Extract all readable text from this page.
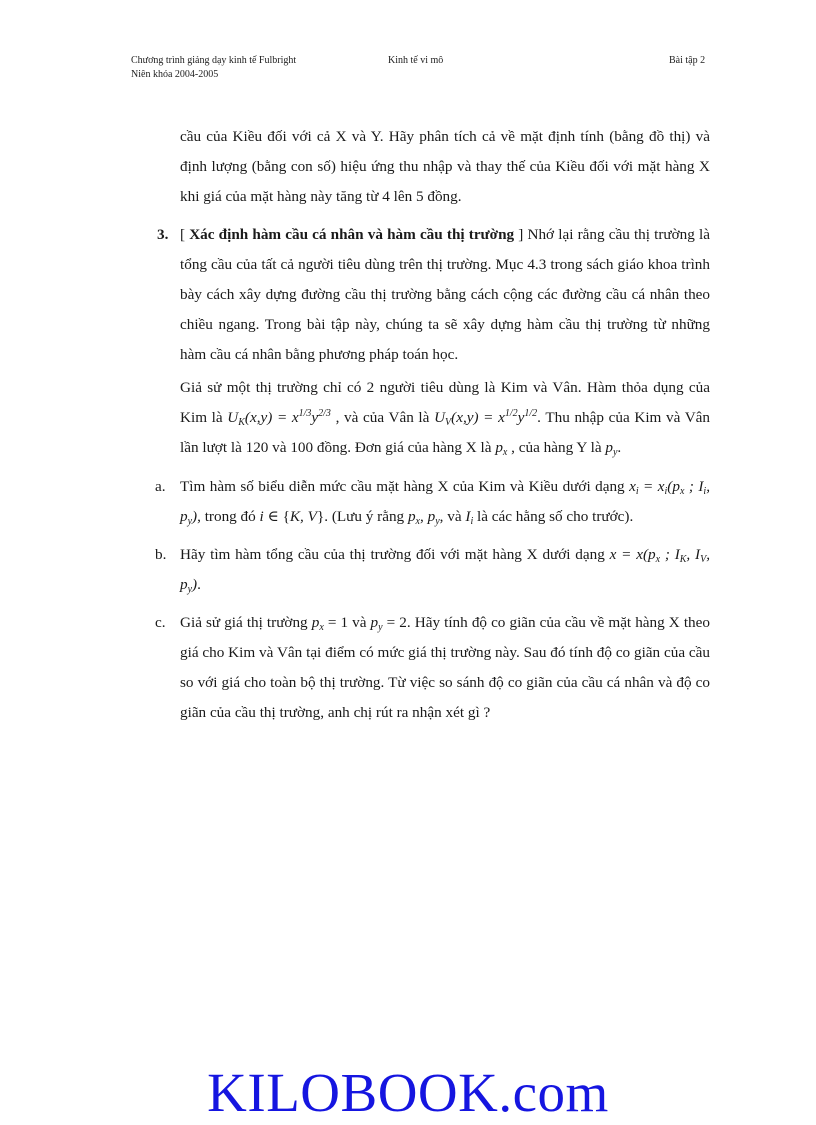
Chương trình giảng dạy kinh tế Fulbright
Niên khóa 2004-2005
Kinh tế vi mô	Bài tập 2
cầu của Kiều đối với cả X và Y. Hãy phân tích cả về mặt định tính (bằng đồ thị) và định lượng (bằng con số) hiệu ứng thu nhập và thay thế của Kiều đối với mặt hàng X khi giá của mặt hàng này tăng từ 4 lên 5 đồng.
3. [ Xác định hàm cầu cá nhân và hàm cầu thị trường ] Nhớ lại rằng cầu thị trường là tổng cầu của tất cả người tiêu dùng trên thị trường. Mục 4.3 trong sách giáo khoa trình bày cách xây dựng đường cầu thị trường bằng cách cộng các đường cầu cá nhân theo chiều ngang. Trong bài tập này, chúng ta sẽ xây dựng hàm cầu thị trường từ những hàm cầu cá nhân bằng phương pháp toán học.
Giả sử một thị trường chỉ có 2 người tiêu dùng là Kim và Vân. Hàm thỏa dụng của Kim là $U_K(x,y) = x^{1/3}y^{2/3}$ , và của Vân là $U_V(x,y) = x^{1/2}y^{1/2}$. Thu nhập của Kim và Vân lần lượt là 120 và 100 đồng. Đơn giá của hàng X là $p_x$ , của hàng Y là $p_y$.
a. Tìm hàm số biểu diễn mức cầu mặt hàng X của Kim và Kiều dưới dạng $x_i = x_i(p_x$ ; $I_i$, $p_y$), trong đó i ∈ {K, V}. (Lưu ý rằng $p_x$, $p_y$, và $I_i$ là các hằng số cho trước).
b. Hãy tìm hàm tổng cầu của thị trường đối với mặt hàng X dưới dạng $x = x(p_x$ ; $I_K$, $I_V$, $p_y$).
c. Giả sử giá thị trường $p_x = 1$ và $p_y = 2$. Hãy tính độ co giãn của cầu về mặt hàng X theo giá cho Kim và Vân tại điểm có mức giá thị trường này. Sau đó tính độ co giãn của cầu so với giá cho toàn bộ thị trường. Từ việc so sánh độ co giãn của cầu cá nhân và độ co giãn của cầu thị trường, anh chị rút ra nhận xét gì ?
KILOBOOK.com
